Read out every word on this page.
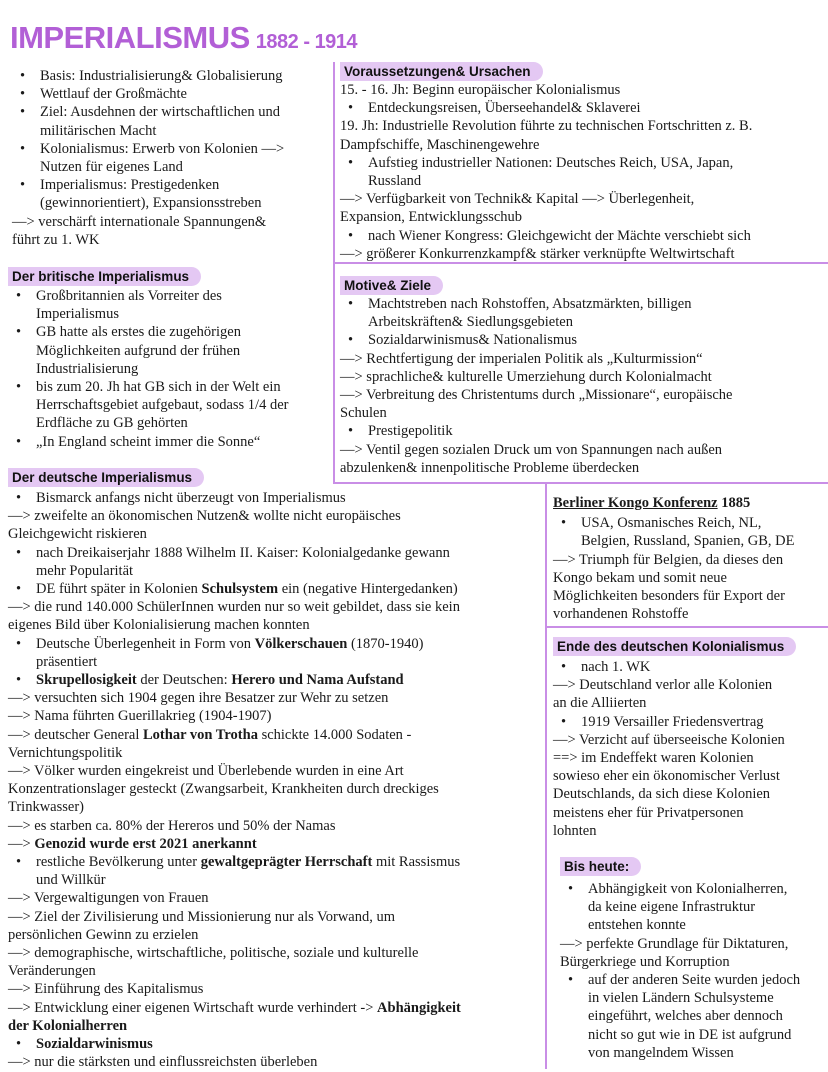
IMPERIALISMUS 1882 - 1914
• Basis: Industrialisierung& Globalisierung
• Wettlauf der Großmächte
• Ziel: Ausdehnen der wirtschaftlichen und
militärischen Macht
• Kolonialismus: Erwerb von Kolonien —>
Nutzen für eigenes Land
• Imperialismus: Prestigedenken
(gewinnorientiert), Expansionsstreben
—> verschärft internationale Spannungen&
führt zu 1. WK
Voraussetzungen& Ursachen
15. - 16. Jh: Beginn europäischer Kolonialismus
• Entdeckungsreisen, Überseehandel& Sklaverei
19. Jh: Industrielle Revolution führte zu technischen Fortschritten z. B.
Dampfschiffe, Maschinengewehre
• Aufstieg industrieller Nationen: Deutsches Reich, USA, Japan,
Russland
—> Verfügbarkeit von Technik& Kapital —> Überlegenheit,
Expansion, Entwicklungsschub
• nach Wiener Kongress: Gleichgewicht der Mächte verschiebt sich
—> größerer Konkurrenzkampf& stärker verknüpfte Weltwirtschaft
Der britische Imperialismus
• Großbritannien als Vorreiter des
Imperialismus
• GB hatte als erstes die zugehörigen
Möglichkeiten aufgrund der frühen
Industrialisierung
• bis zum 20. Jh hat GB sich in der Welt ein
Herrschaftsgebiet aufgebaut, sodass 1/4 der
Erdfläche zu GB gehörten
• „In England scheint immer die Sonne“
Motive& Ziele
• Machtstreben nach Rohstoffen, Absatzmärkten, billigen
Arbeitskräften& Siedlungsgebieten
• Sozialdarwinismus& Nationalismus
—> Rechtfertigung der imperialen Politik als „Kulturmission“
—> sprachliche& kulturelle Umerziehung durch Kolonialmacht
—> Verbreitung des Christentums durch „Missionare“, europäische
Schulen
• Prestigepolitik
—> Ventil gegen sozialen Druck um von Spannungen nach außen
abzulenken& innenpolitische Probleme überdecken
Der deutsche Imperialismus
• Bismarck anfangs nicht überzeugt von Imperialismus
—> zweifelte an ökonomischen Nutzen& wollte nicht europäisches
Gleichgewicht riskieren
• nach Dreikaiserjahr 1888 Wilhelm II. Kaiser: Kolonialgedanke gewann
mehr Popularität
• DE führt später in Kolonien Schulsystem ein (negative Hintergedanken)
—> die rund 140.000 SchülerInnen wurden nur so weit gebildet, dass sie kein
eigenes Bild über Kolonialisierung machen konnten
• Deutsche Überlegenheit in Form von Völkerschauen (1870-1940)
präsentiert
• Skrupellosigkeit der Deutschen: Herero und Nama Aufstand
—> versuchten sich 1904 gegen ihre Besatzer zur Wehr zu setzen
—> Nama führten Guerillakrieg (1904-1907)
—> deutscher General Lothar von Trotha schickte 14.000 Sodaten -
Vernichtungspolitik
—> Völker wurden eingekreist und Überlebende wurden in eine Art
Konzentrationslager gesteckt (Zwangsarbeit, Krankheiten durch dreckiges
Trinkwasser)
—> es starben ca. 80% der Hereros und 50% der Namas
—> Genozid wurde erst 2021 anerkannt
• restliche Bevölkerung unter gewaltgeprägter Herrschaft mit Rassismus
und Willkür
—> Vergewaltigungen von Frauen
—> Ziel der Zivilisierung und Missionierung nur als Vorwand, um
persönlichen Gewinn zu erzielen
—> demographische, wirtschaftliche, politische, soziale und kulturelle
Veränderungen
—> Einführung des Kapitalismus
—> Entwicklung einer eigenen Wirtschaft wurde verhindert -> Abhängigkeit
der Kolonialherren
• Sozialdarwinismus
—> nur die stärksten und einflussreichsten überleben
Berliner Kongo Konferenz 1885
• USA, Osmanisches Reich, NL,
Belgien, Russland, Spanien, GB, DE
—> Triumph für Belgien, da dieses den
Kongo bekam und somit neue
Möglichkeiten besonders für Export der
vorhandenen Rohstoffe
Ende des deutschen Kolonialismus
• nach 1. WK
—> Deutschland verlor alle Kolonien
an die Alliierten
• 1919 Versailler Friedensvertrag
—> Verzicht auf überseeische Kolonien
==> im Endeffekt waren Kolonien
sowieso eher ein ökonomischer Verlust
Deutschlands, da sich diese Kolonien
meistens eher für Privatpersonen
lohnten
Bis heute:
• Abhängigkeit von Kolonialherren,
da keine eigene Infrastruktur
entstehen konnte
—> perfekte Grundlage für Diktaturen,
Bürgerkriege und Korruption
• auf der anderen Seite wurden jedoch
in vielen Ländern Schulsysteme
eingeführt, welches aber dennoch
nicht so gut wie in DE ist aufgrund
von mangelndem Wissen
